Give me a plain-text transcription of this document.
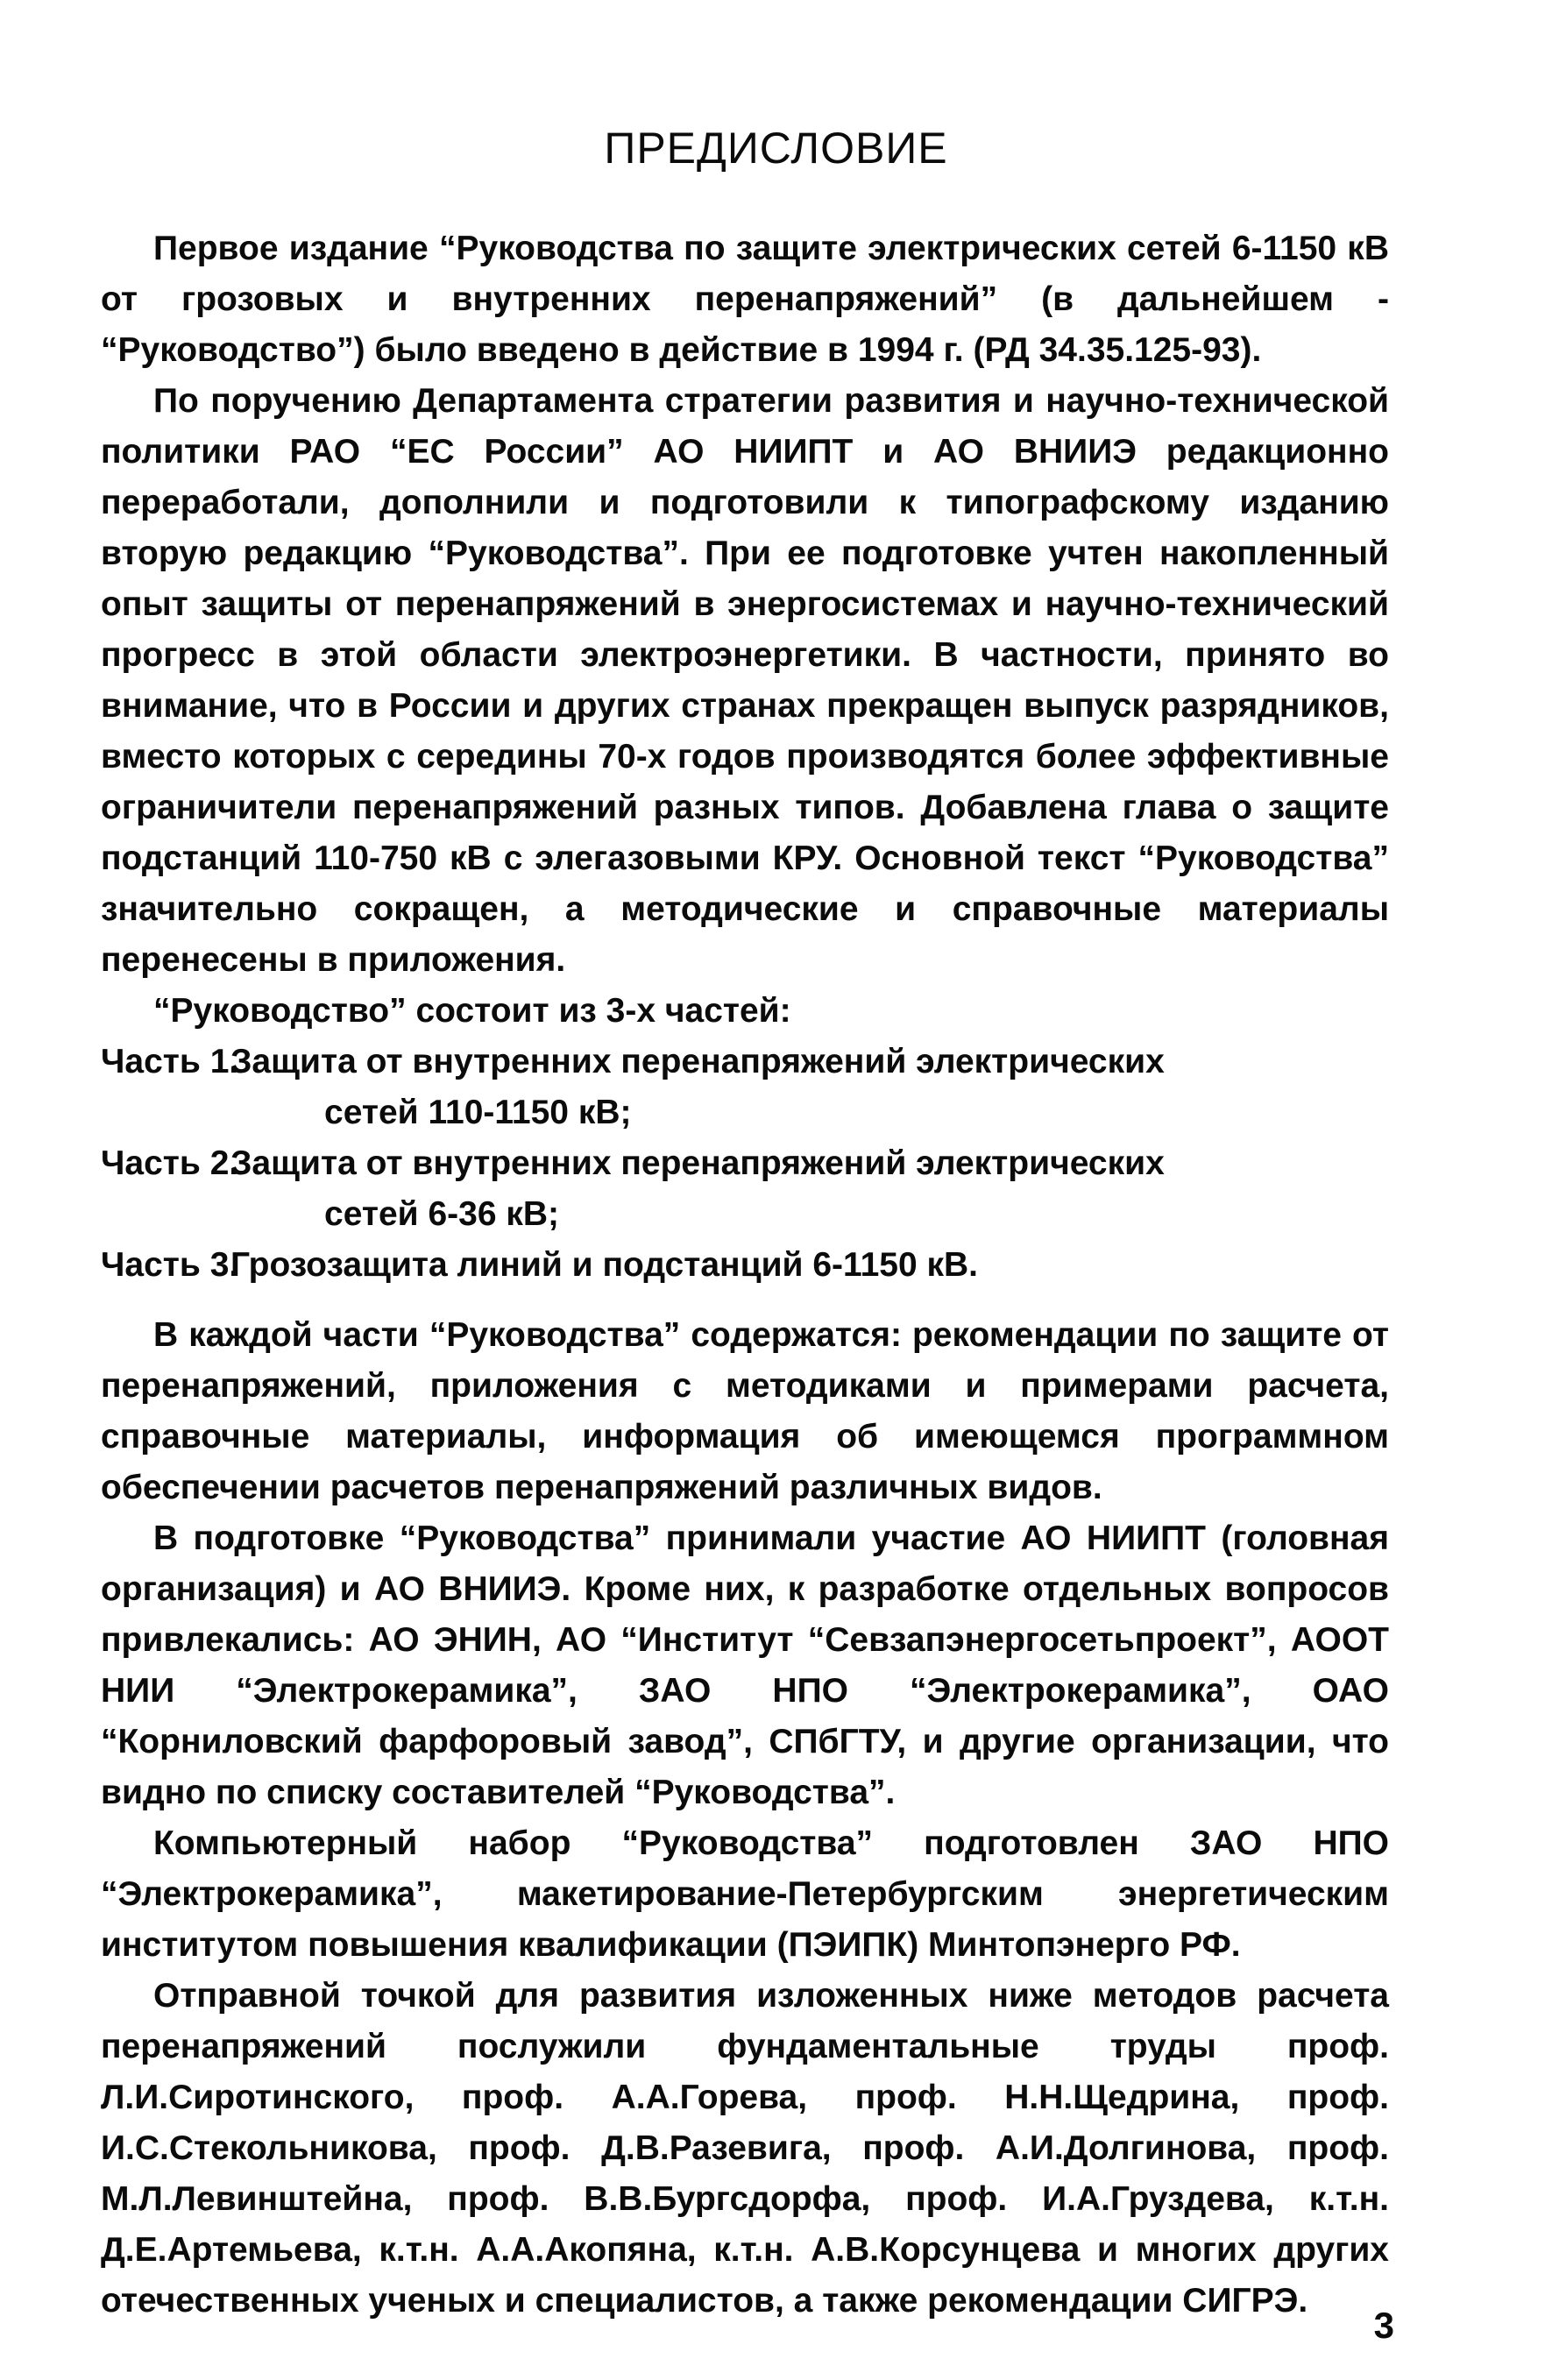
ПРЕДИСЛОВИЕ

Первое издание “Руководства по защите электрических сетей 6-1150 кВ от грозовых и внутренних перенапряжений” (в дальнейшем - “Руководство”) было введено в действие в 1994 г. (РД 34.35.125-93).

По поручению Департамента стратегии развития и научно-технической политики РАО “ЕС России” АО НИИПТ и АО ВНИИЭ редакционно переработали, дополнили и подготовили к типографскому изданию вторую редакцию “Руководства”. При ее подготовке учтен накопленный опыт защиты от перенапряжений в энергосистемах и научно-технический прогресс в этой области электроэнергетики. В частности, принято во внимание, что в России и других странах прекращен выпуск разрядников, вместо которых с середины 70-х годов производятся более эффективные ограничители перенапряжений разных типов. Добавлена глава о защите подстанций 110-750 кВ с элегазовыми КРУ. Основной текст “Руководства” значительно сокращен, а методические и справочные материалы перенесены в приложения.

“Руководство” состоит из 3-х частей:

Часть 1.
Защита от внутренних перенапряжений электрических
сетей 110-1150 кВ;
Часть 2.
Защита от внутренних перенапряжений электрических
сетей 6-36 кВ;
Часть 3.
Грозозащита линий и подстанций 6-1150 кВ.

В каждой части “Руководства” содержатся: рекомендации по защите от перенапряжений, приложения с методиками и примерами расчета, справочные материалы, информация об имеющемся программном обеспечении расчетов перенапряжений различных видов.

В подготовке “Руководства” принимали участие АО НИИПТ (головная организация) и АО ВНИИЭ. Кроме них, к разработке отдельных вопросов привлекались: АО ЭНИН, АО “Институт “Севзапэнергосетьпроект”, АООТ НИИ “Электрокерамика”, ЗАО НПО “Электрокерамика”, ОАО “Корниловский фарфоровый завод”, СПбГТУ, и другие организации, что видно по списку составителей “Руководства”.

Компьютерный набор “Руководства” подготовлен ЗАО НПО “Электрокерамика”, макетирование-Петербургским энергетическим институтом повышения квалификации (ПЭИПК) Минтопэнерго РФ.

Отправной точкой для развития изложенных ниже методов расчета перенапряжений послужили фундаментальные труды проф. Л.И.Сиротинского, проф. А.А.Горева, проф. Н.Н.Щедрина, проф. И.С.Стекольникова, проф. Д.В.Разевига, проф. А.И.Долгинова, проф. М.Л.Левинштейна, проф. В.В.Бургсдорфа, проф. И.А.Груздева, к.т.н. Д.Е.Артемьева, к.т.н. А.А.Акопяна, к.т.н. А.В.Корсунцева и многих других отечественных ученых и специалистов, а также рекомендации СИГРЭ.

3
